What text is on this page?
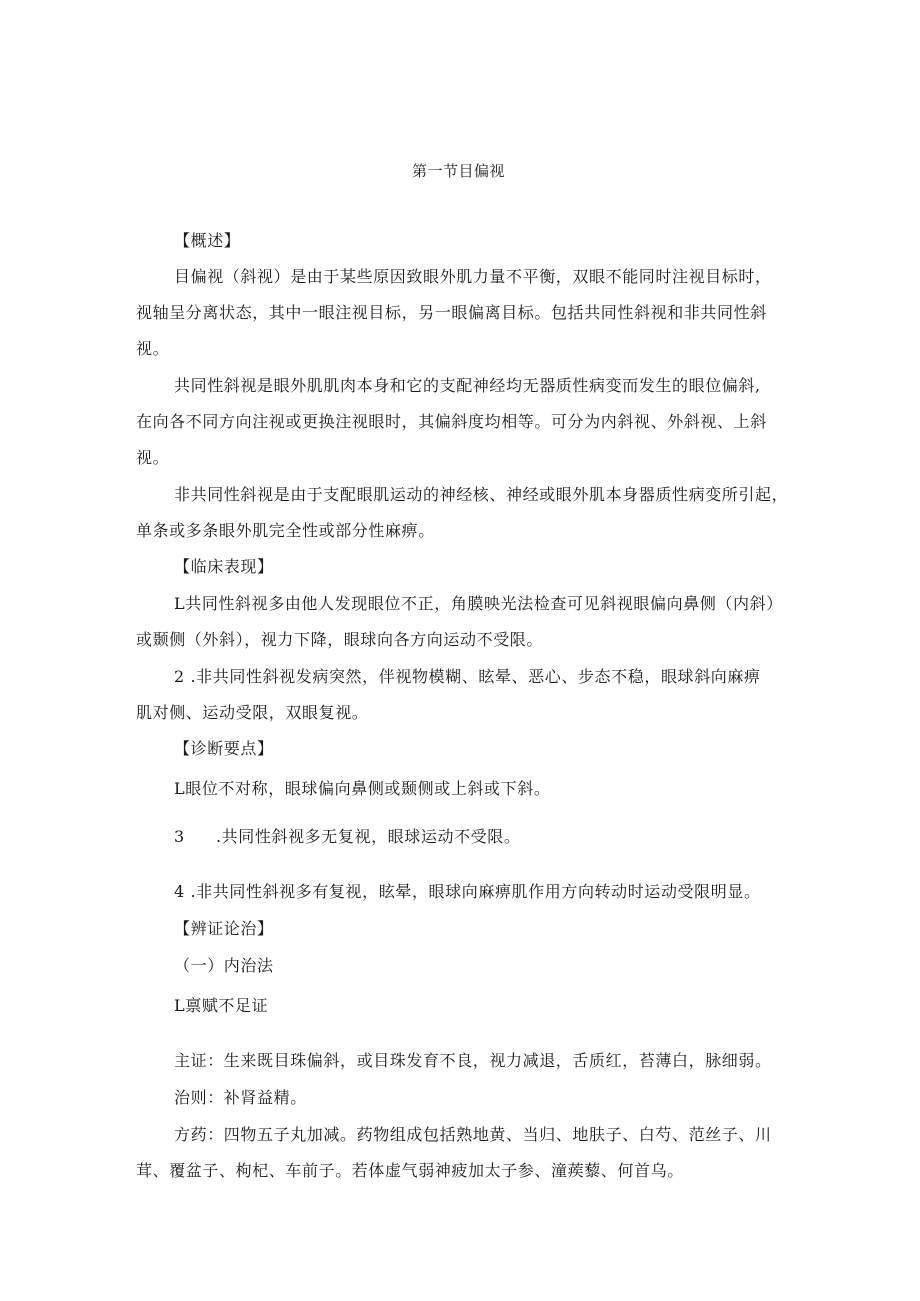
第一节目偏视
【概述】
目偏视（斜视）是由于某些原因致眼外肌力量不平衡，双眼不能同时注视目标时，
视轴呈分离状态，其中一眼注视目标，另一眼偏离目标。包括共同性斜视和非共同性斜
视。
共同性斜视是眼外肌肌肉本身和它的支配神经均无器质性病变而发生的眼位偏斜,
在向各不同方向注视或更换注视眼时，其偏斜度均相等。可分为内斜视、外斜视、上斜
视。
非共同性斜视是由于支配眼肌运动的神经核、神经或眼外肌本身器质性病变所引起，
单条或多条眼外肌完全性或部分性麻痹。
【临床表现】
L共同性斜视多由他人发现眼位不正，角膜映光法检查可见斜视眼偏向鼻侧（内斜）
或颞侧（外斜），视力下降，眼球向各方向运动不受限。
2 .非共同性斜视发病突然，伴视物模糊、眩晕、恶心、步态不稳，眼球斜向麻痹
肌对侧、运动受限，双眼复视。
【诊断要点】
L眼位不对称，眼球偏向鼻侧或颞侧或上斜或下斜。
3 .共同性斜视多无复视，眼球运动不受限。
4 .非共同性斜视多有复视，眩晕，眼球向麻痹肌作用方向转动时运动受限明显。
【辨证论治】
（一）内治法
L禀赋不足证
主证：生来既目珠偏斜，或目珠发育不良，视力减退，舌质红，苔薄白，脉细弱。
治则：补肾益精。
方药：四物五子丸加减。药物组成包括熟地黄、当归、地肤子、白芍、范丝子、川
茸、覆盆子、枸杞、车前子。若体虚气弱神疲加太子参、潼蒺藜、何首乌。
